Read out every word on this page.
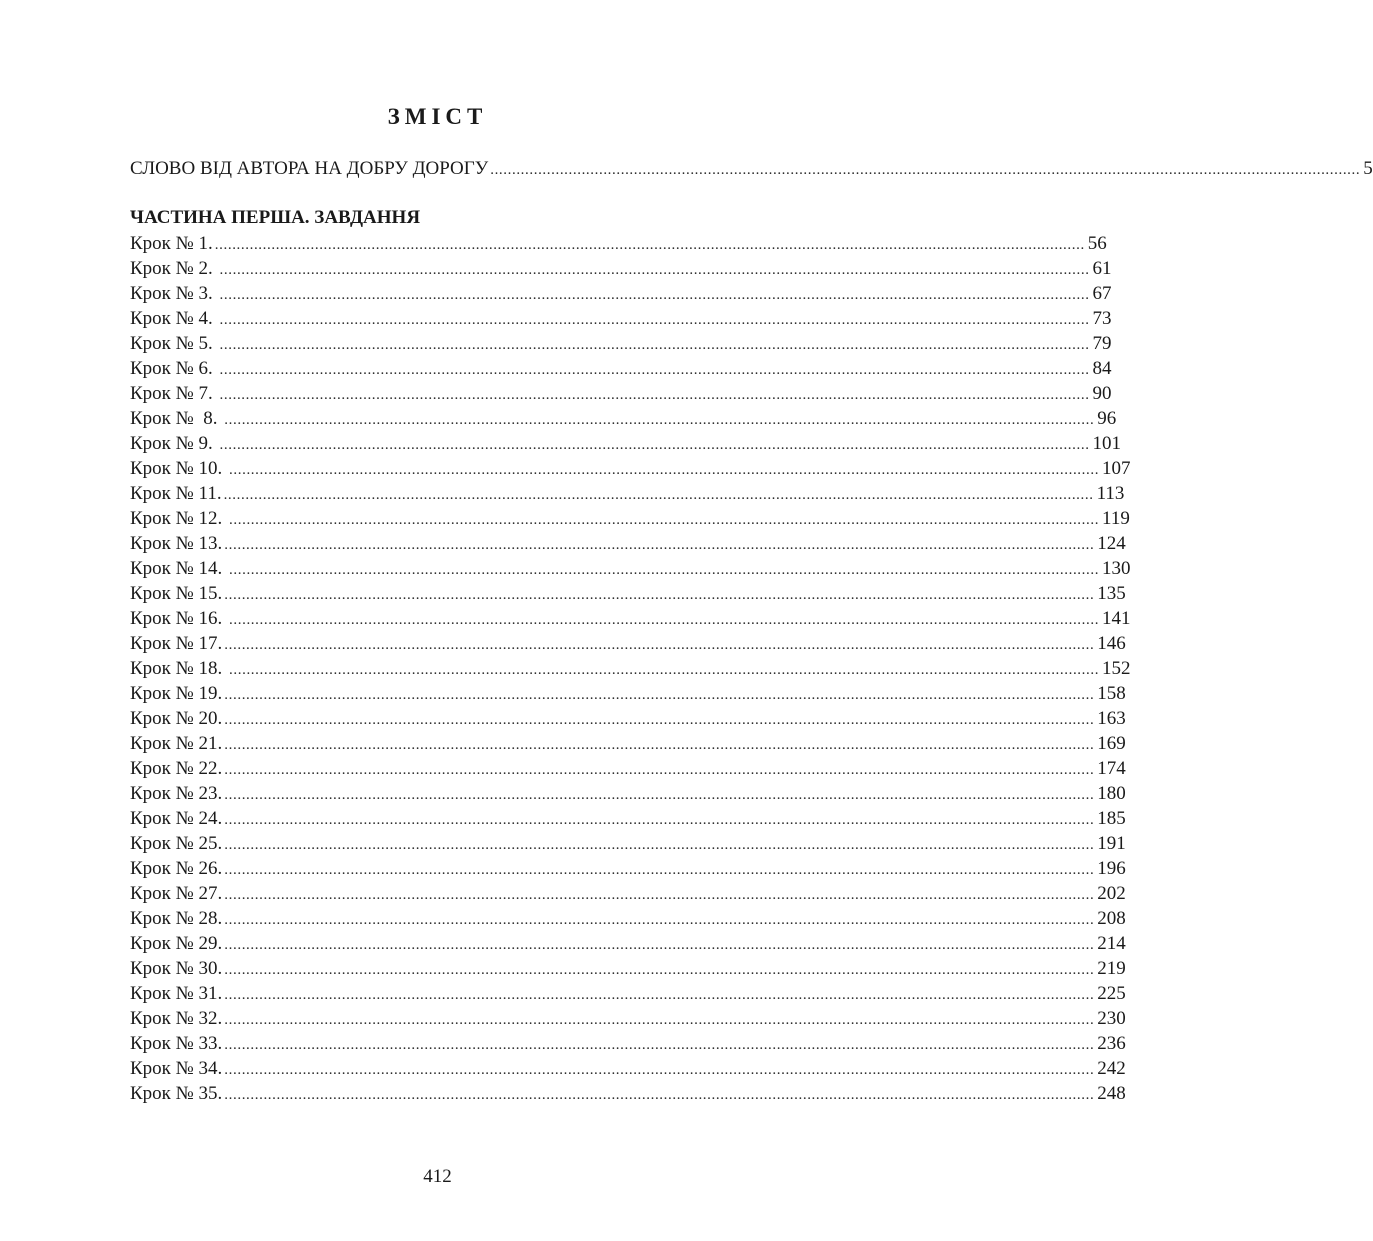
ЗМІСТ
СЛОВО ВІД АВТОРА НА ДОБРУ ДОРОГУ ........................................................................................................................................................................................................ 5
ЧАСТИНА ПЕРША. ЗАВДАННЯ
Крок № 1. ........................................................................................................................................................................................................ 56
Крок № 2. ........................................................................................................................................................................................................ 61
Крок № 3. ........................................................................................................................................................................................................ 67
Крок № 4. ........................................................................................................................................................................................................ 73
Крок № 5. ........................................................................................................................................................................................................ 79
Крок № 6. ........................................................................................................................................................................................................ 84
Крок № 7. ........................................................................................................................................................................................................ 90
Крок №  8. ........................................................................................................................................................................................................ 96
Крок № 9. ........................................................................................................................................................................................................ 101
Крок № 10. ........................................................................................................................................................................................................ 107
Крок № 11. ........................................................................................................................................................................................................ 113
Крок № 12. ........................................................................................................................................................................................................ 119
Крок № 13. ........................................................................................................................................................................................................ 124
Крок № 14. ........................................................................................................................................................................................................ 130
Крок № 15. ........................................................................................................................................................................................................ 135
Крок № 16. ........................................................................................................................................................................................................ 141
Крок № 17. ........................................................................................................................................................................................................ 146
Крок № 18. ........................................................................................................................................................................................................ 152
Крок № 19. ........................................................................................................................................................................................................ 158
Крок № 20. ........................................................................................................................................................................................................ 163
Крок № 21. ........................................................................................................................................................................................................ 169
Крок № 22. ........................................................................................................................................................................................................ 174
Крок № 23. ........................................................................................................................................................................................................ 180
Крок № 24. ........................................................................................................................................................................................................ 185
Крок № 25. ........................................................................................................................................................................................................ 191
Крок № 26. ........................................................................................................................................................................................................ 196
Крок № 27. ........................................................................................................................................................................................................ 202
Крок № 28. ........................................................................................................................................................................................................ 208
Крок № 29. ........................................................................................................................................................................................................ 214
Крок № 30. ........................................................................................................................................................................................................ 219
Крок № 31. ........................................................................................................................................................................................................ 225
Крок № 32. ........................................................................................................................................................................................................ 230
Крок № 33. ........................................................................................................................................................................................................ 236
Крок № 34. ........................................................................................................................................................................................................ 242
Крок № 35. ........................................................................................................................................................................................................ 248
412
